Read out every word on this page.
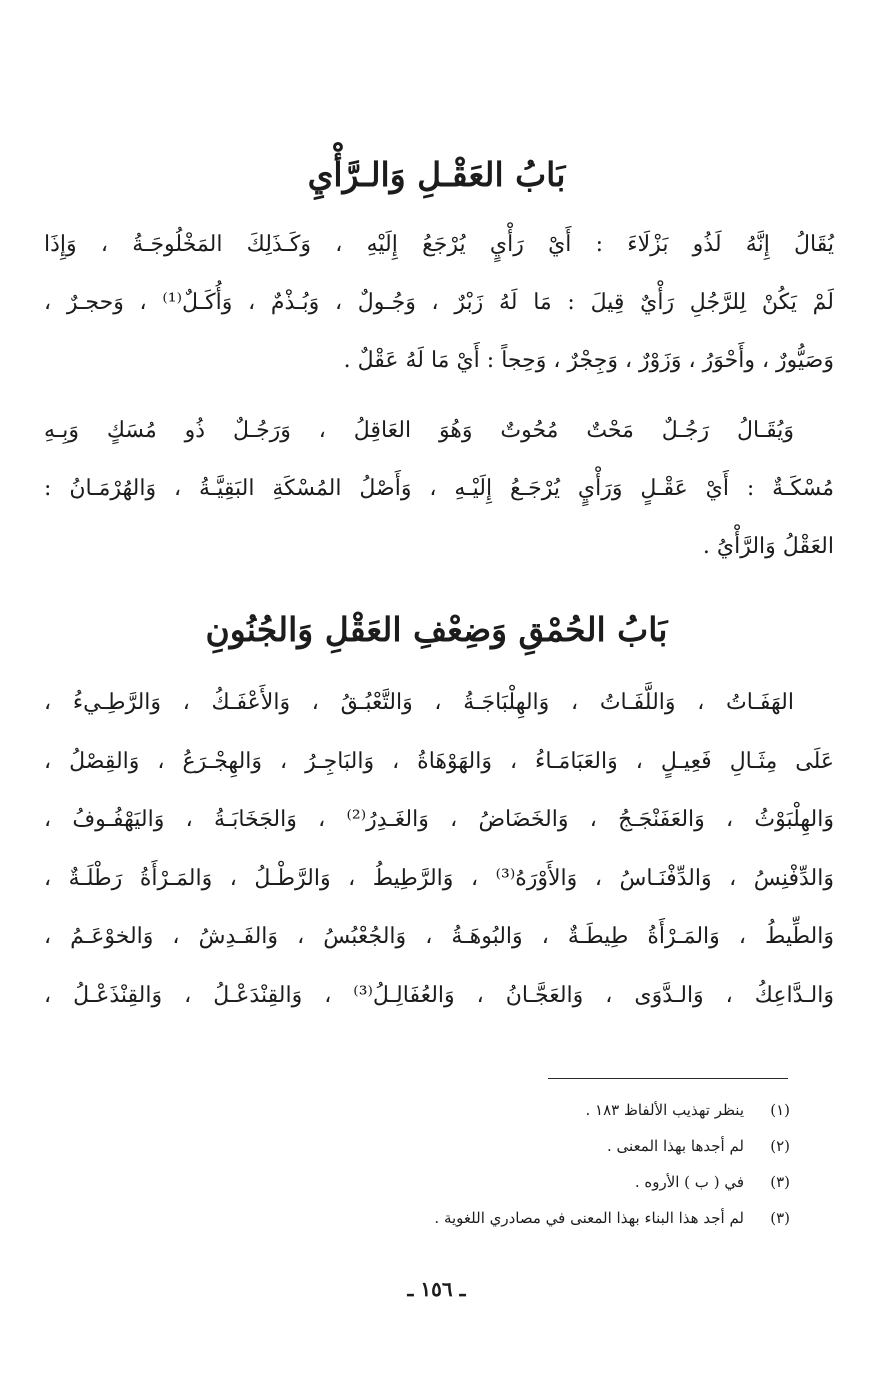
بَابُ العَقْـلِ وَالـرَّأْيِ
يُقَالُ إِنَّهُ لَذُو بَزْلَاءَ : أَيْ رَأْيٍ يُرْجَعُ إِلَيْهِ ، وَكَـذَلِكَ المَخْلُوجَـةُ ، وَإِذَا
لَمْ يَكُنْ لِلرَّجُلِ رَأْيٌ قِيلَ : مَا لَهُ زَبْرٌ ، وَجُـولٌ ، وَبُـذْمٌ ، وَأُكَـلٌ⁽¹⁾ ، وَحجـرٌ ،
وَصَيُّورٌ ، وأَحْوَرُ ، وَزَوْرٌ ، وَجِجْرٌ ، وَحِجاً : أَيْ مَا لَهُ عَقْلٌ .
وَيُقَـالُ رَجُـلٌ مَحْتٌ مُحُوتٌ وَهُوَ العَاقِلُ ، وَرَجُـلٌ ذُو مُسَكٍ وَبِـهِ
مُسْكَـةٌ : أَيْ عَقْـلٍ وَرَأْيٍ يُرْجَـعُ إِلَيْـهِ ، وَأَصْلُ المُسْكَةِ البَقِيَّـةُ ، وَالهُرْمَـانُ :
العَقْلُ وَالرَّأْيُ .
بَابُ الحُمْقِ وَضِعْفِ العَقْلِ وَالجُنُونِ
الهَفَـاتُ ، وَاللَّفَـاتُ ، وَالهِلْبَاجَـةُ ، وَالتَّعْبُـقُ ، وَالأَعْفَـكُ ، وَالرَّطِـيءُ ،
عَلَى مِثَـالِ فَعِيـلٍ ، وَالعَبَامَـاءُ ، وَالهَوْهَاةُ ، وَالبَاجِـرُ ، وَالهِجْـرَعُ ، وَالقِصْلُ ،
وَالهِلْبَوْثُ ، وَالعَفَنْجَـجُ ، وَالخَضَاضُ ، وَالغَـدِرُ⁽²⁾ ، وَالجَخَابَـةُ ، وَاليَهْفُـوفُ ،
وَالدِّفْنِسُ ، وَالدِّفْنَـاسُ ، وَالأَوْرَهُ⁽³⁾ ، وَالرَّطِيطُ ، وَالرَّطْـلُ ، وَالمَـرْأَةُ رَطْلَـةٌ ،
وَالطِّيطُ ، وَالمَـرْأَةُ طِيطَـةٌ ، وَالبُوهَـةُ ، وَالجُعْبُسُ ، وَالفَـدِشُ ، وَالخوْعَـمُ ،
وَالـدَّاعِكُ ، وَالـدَّوَى ، وَالعَجَّـانُ ، وَالعُفَالِـلُ⁽³⁾ ، وَالقِنْدَعْـلُ ، وَالقِنْذَعْـلُ ،
(١)
ينظر تهذيب الألفاظ ١٨٣ .
(٢)
لم أجدها بهذا المعنى .
(٣)
في ( ب ) الأروه .
(٣)
لم أجد هذا البناء بهذا المعنى في مصادري اللغوية .
ـ ١٥٦ ـ
